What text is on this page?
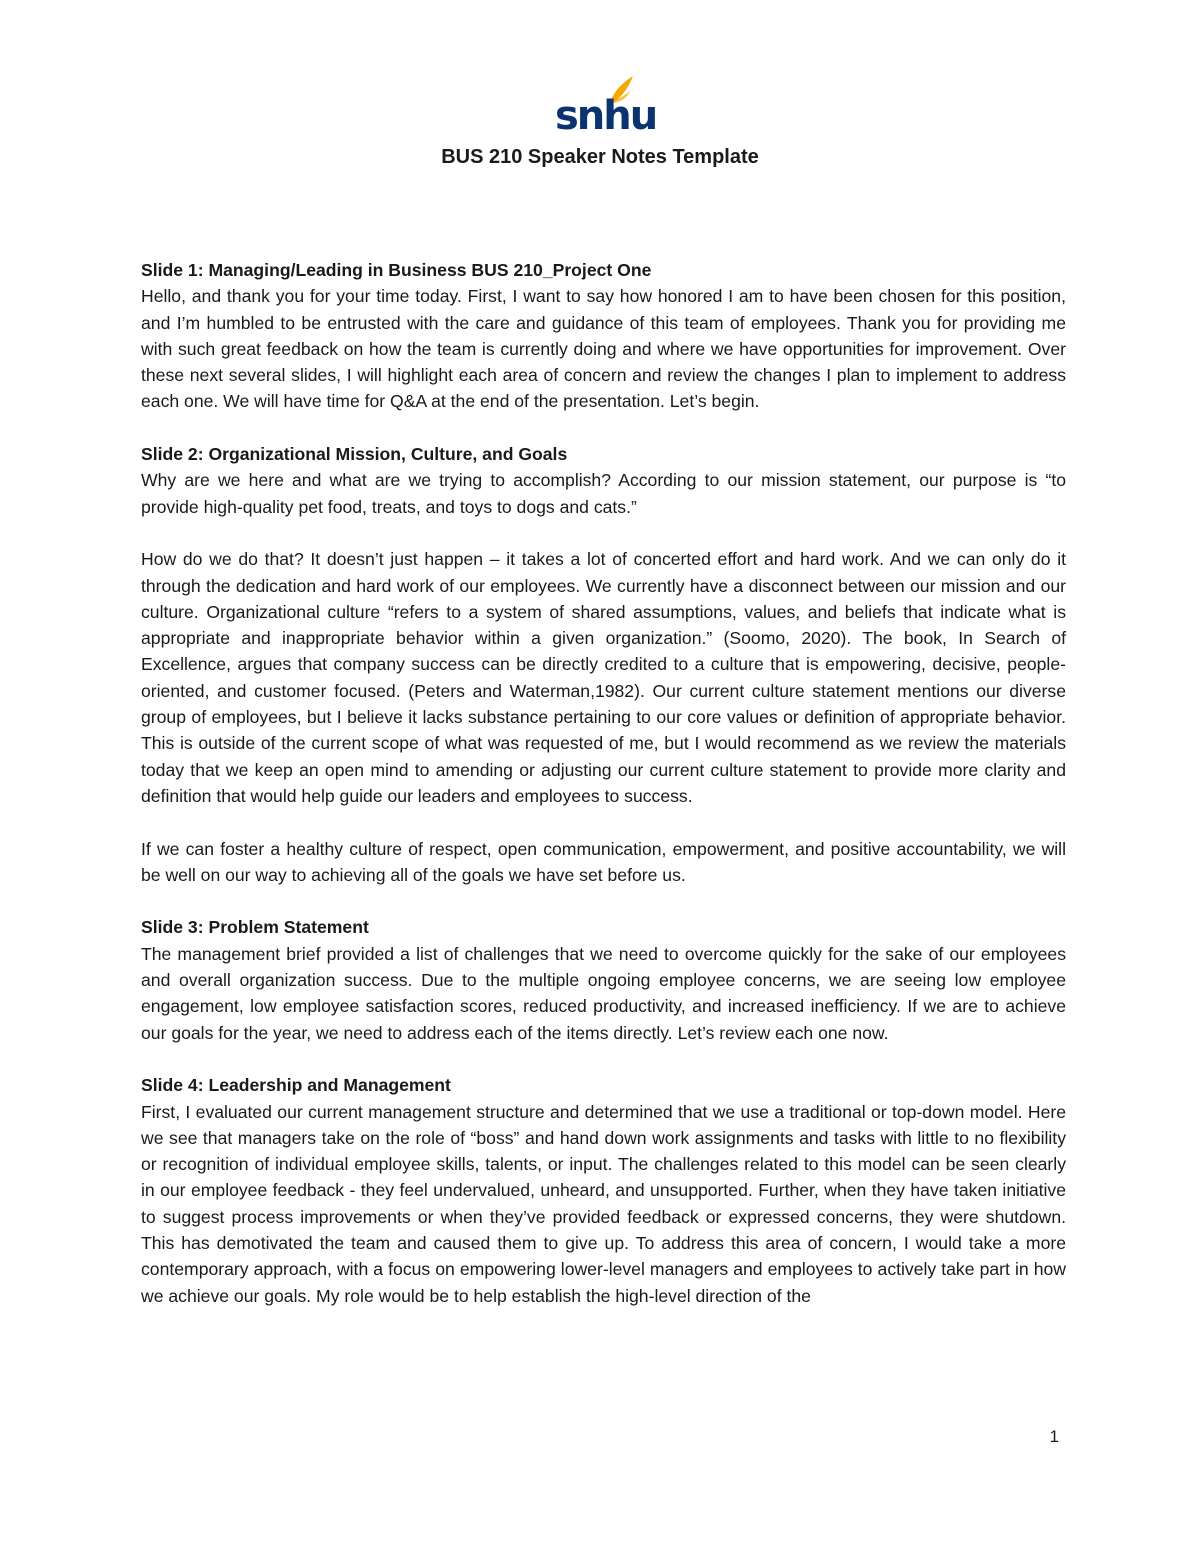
snhu
BUS 210 Speaker Notes Template
Slide 1: Managing/Leading in Business BUS 210_Project One

Hello, and thank you for your time today. First, I want to say how honored I am to have been chosen for this position, and I’m humbled to be entrusted with the care and guidance of this team of employees. Thank you for providing me with such great feedback on how the team is currently doing and where we have opportunities for improvement. Over these next several slides, I will highlight each area of concern and review the changes I plan to implement to address each one. We will have time for Q&A at the end of the presentation. Let’s begin.

Slide 2: Organizational Mission, Culture, and Goals

Why are we here and what are we trying to accomplish? According to our mission statement, our purpose is “to provide high-quality pet food, treats, and toys to dogs and cats.”

How do we do that? It doesn’t just happen – it takes a lot of concerted effort and hard work. And we can only do it through the dedication and hard work of our employees. We currently have a disconnect between our mission and our culture. Organizational culture “refers to a system of shared assumptions, values, and beliefs that indicate what is appropriate and inappropriate behavior within a given organization.” (Soomo, 2020). The book, In Search of Excellence, argues that company success can be directly credited to a culture that is empowering, decisive, people-oriented, and customer focused. (Peters and Waterman,1982). Our current culture statement mentions our diverse group of employees, but I believe it lacks substance pertaining to our core values or definition of appropriate behavior. This is outside of the current scope of what was requested of me, but I would recommend as we review the materials today that we keep an open mind to amending or adjusting our current culture statement to provide more clarity and definition that would help guide our leaders and employees to success.

If we can foster a healthy culture of respect, open communication, empowerment, and positive accountability, we will be well on our way to achieving all of the goals we have set before us.

Slide 3: Problem Statement

The management brief provided a list of challenges that we need to overcome quickly for the sake of our employees and overall organization success. Due to the multiple ongoing employee concerns, we are seeing low employee engagement, low employee satisfaction scores, reduced productivity, and increased inefficiency. If we are to achieve our goals for the year, we need to address each of the items directly. Let’s review each one now.

Slide 4: Leadership and Management

First, I evaluated our current management structure and determined that we use a traditional or top-down model. Here we see that managers take on the role of “boss” and hand down work assignments and tasks with little to no flexibility or recognition of individual employee skills, talents, or input. The challenges related to this model can be seen clearly in our employee feedback - they feel undervalued, unheard, and unsupported. Further, when they have taken initiative to suggest process improvements or when they’ve provided feedback or expressed concerns, they were shutdown. This has demotivated the team and caused them to give up. To address this area of concern, I would take a more contemporary approach, with a focus on empowering lower-level managers and employees to actively take part in how we achieve our goals. My role would be to help establish the high-level direction of the

1
